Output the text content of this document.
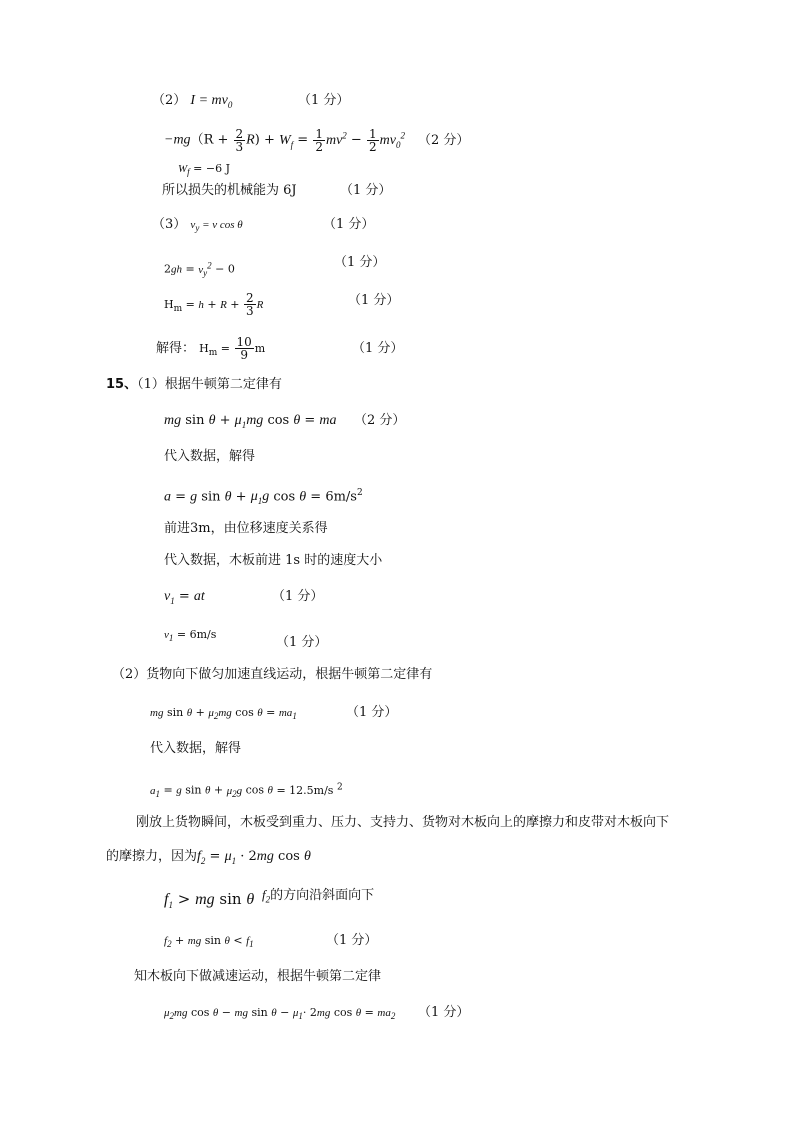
（2） $I = mv_0$	（1 分）
$-mg(R + \frac{2}{3} R) + W_f = \frac{1}{2} mv^2 - \frac{1}{2} mv_0^2$ （2 分）
$W_f = -6$ J
所以损失的机械能为 6J	（1 分）
（3） $v_y = v$ cos θ	（1 分）
$2gh = v_y^2 - 0$	（1 分）
$H_m = h + R + \frac{2}{3}$ R	（1 分）
解得： $H_m = \frac{10}{9}$ m	（1 分）
15、（1）根据牛顿第二定律有
mg $\sin \theta + \mu_1mg$ cos θ = ma （2 分）
代入数据，解得
a = g $\sin \theta + \mu_1g$ $\cos \theta = 6m/s^2$
前进3m，由位移速度关系得
代入数据，木板前进 1s 时的速度大小
$v_1$ = at	（1 分）
$v_1 = 6m/s$
（1 分）
（2）货物向下做匀加速直线运动，根据牛顿第二定律有
mg $\sin \theta + \mu_2mg$ $\cos \theta = ma_1$	（1 分）
代入数据，解得
$a_1 = g$ $\sin \theta + \mu_2g$ cos θ = 12.5m/s $^2$
刚放上货物瞬间，木板受到重力、压力、支持力、货物对木板向上的摩擦力和皮带对木板向下
的摩擦力，因为$f_2 = \mu_1 \cdot 2mg$ cos θ
$f_1$ > mg sin θ $f_2$的方向沿斜面向下
$f_2$ + mg $\sin \theta < f_1$	（1 分）
知木板向下做减速运动，根据牛顿第二定律
$\mu_2mg$ cos θ − mg $\sin \theta - \mu_1\cdot 2mg$ $\cos \theta = ma_2$ （1 分）
